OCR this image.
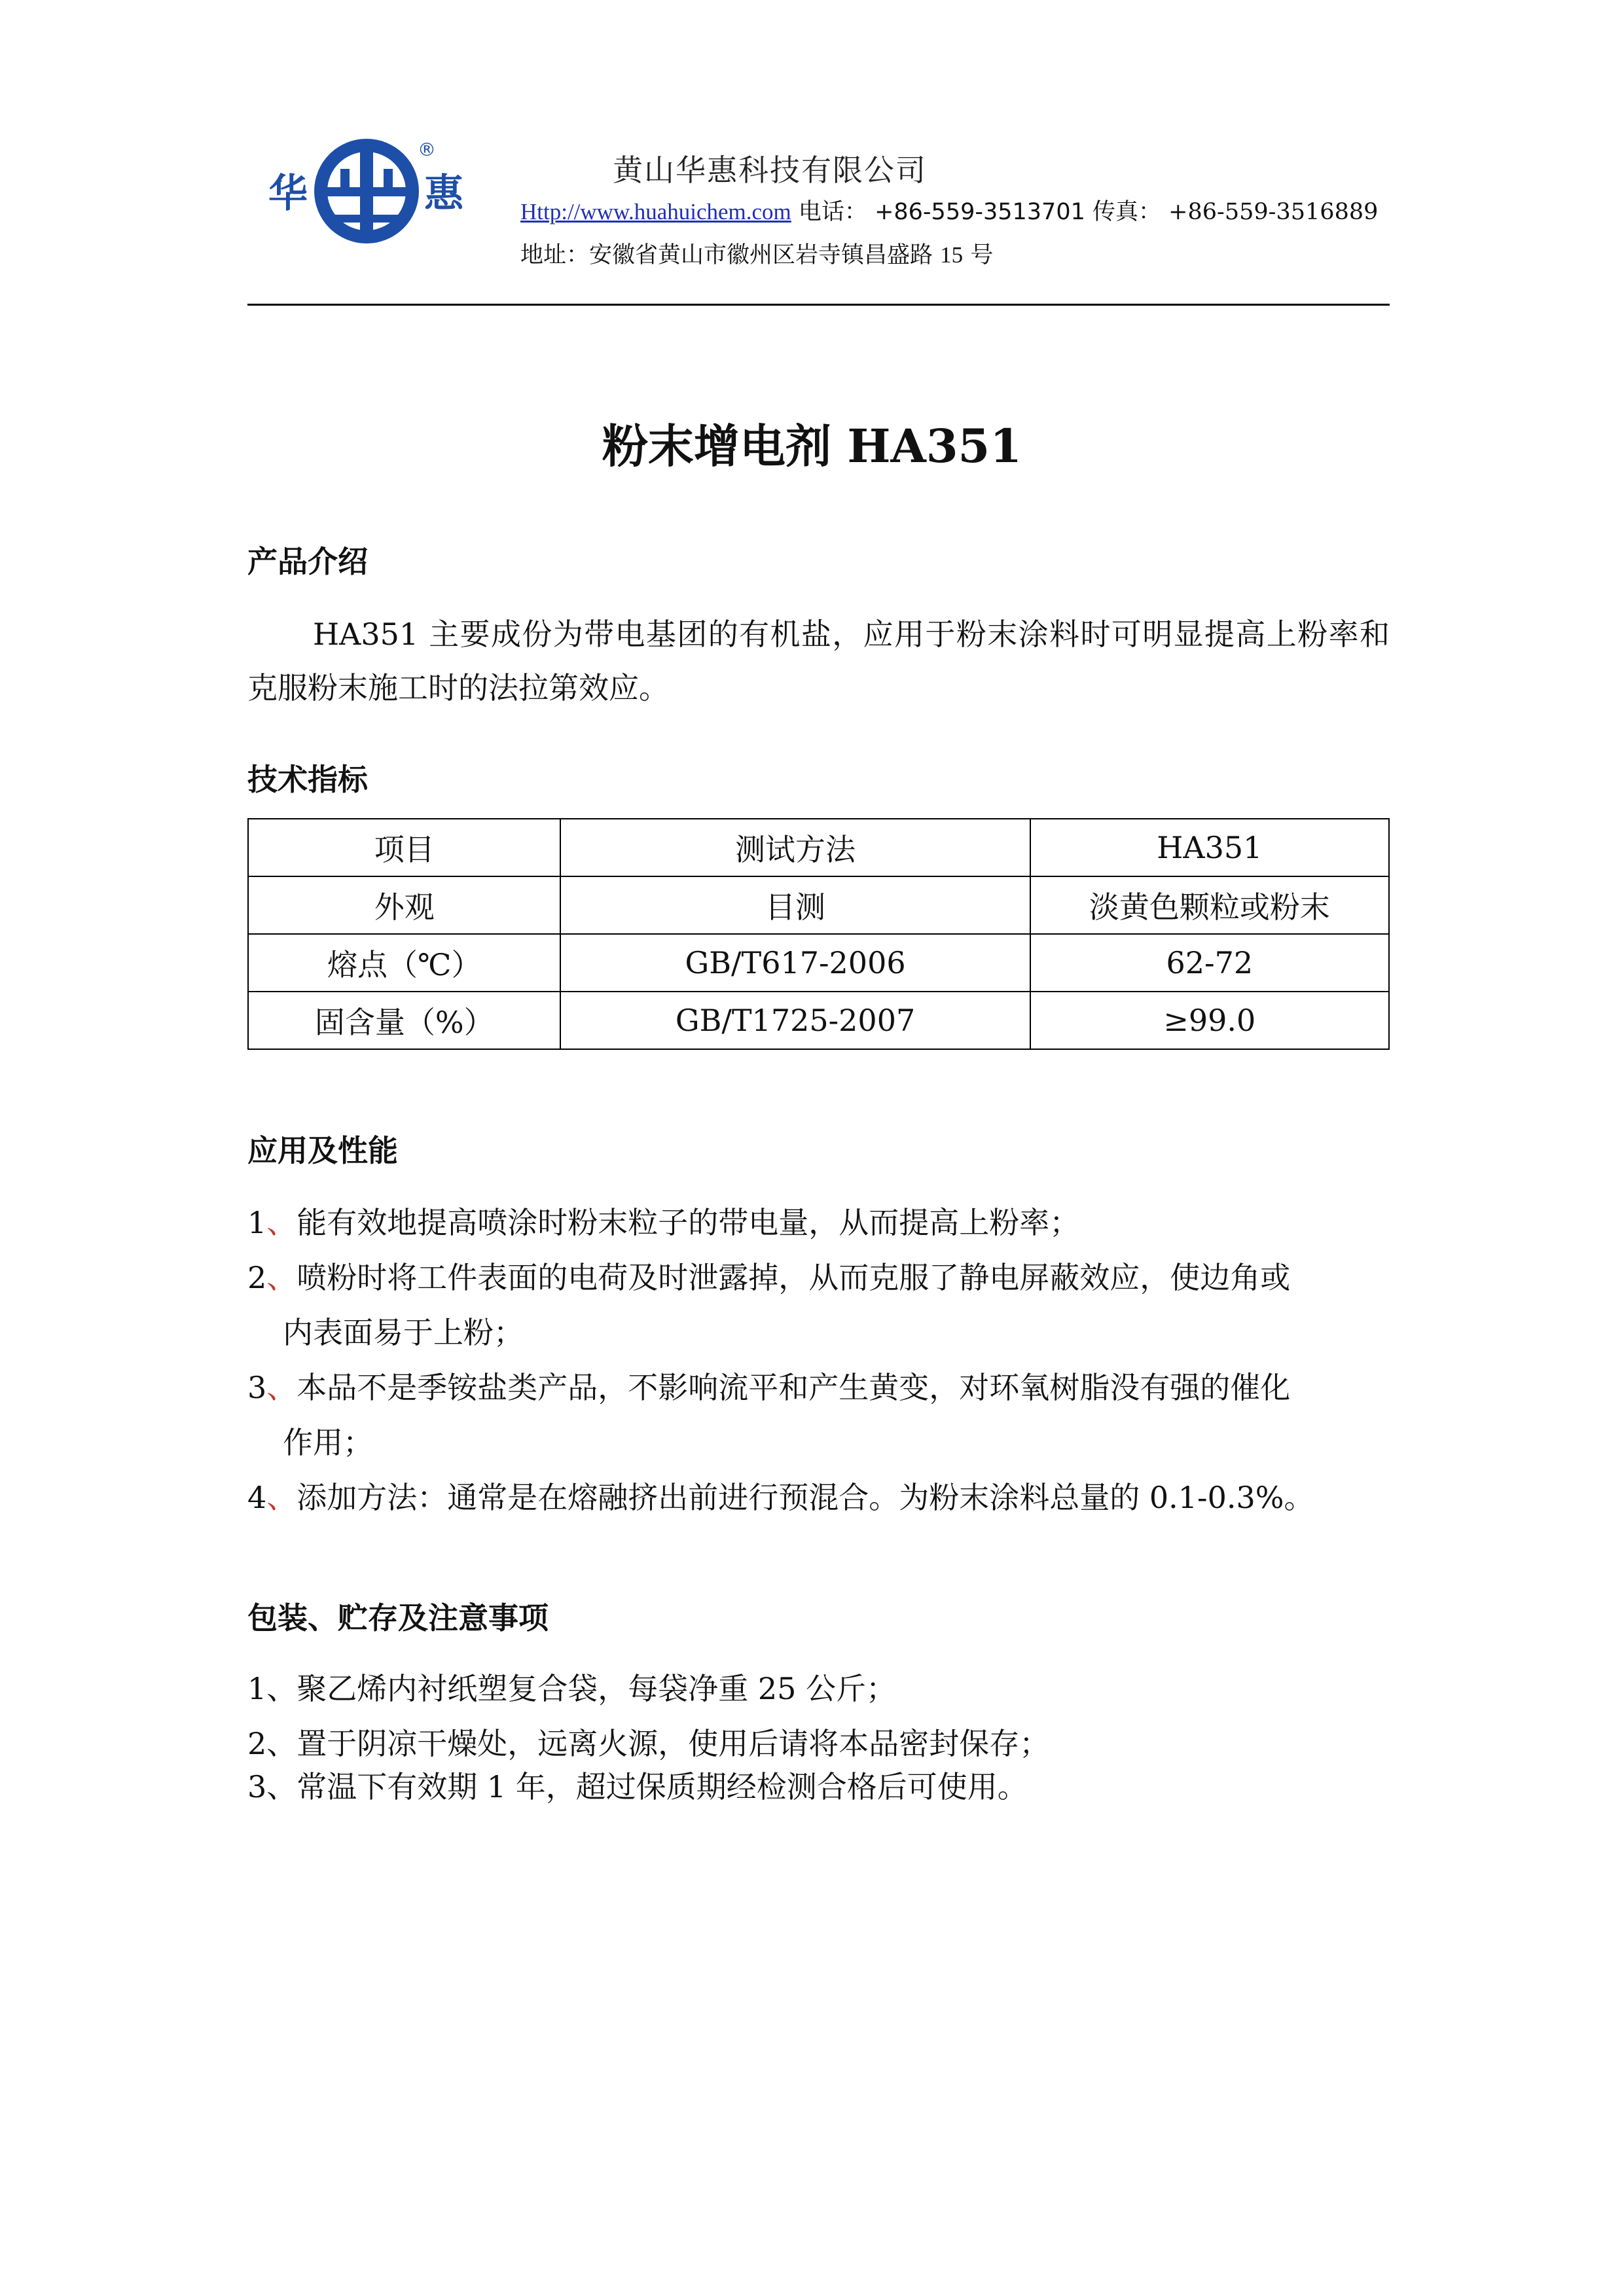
华	惠
®
黄山华惠科技有限公司
Http://www.huahuichem.com 电话： +86-559-3513701 传真： +86-559-3516889
地址：安徽省黄山市徽州区岩寺镇昌盛路 15 号
粉末增电剂 HA351
产品介绍
HA351 主要成份为带电基团的有机盐，应用于粉末涂料时可明显提高上粉率和克服粉末施工时的法拉第效应。
技术指标
项目	测试方法	HA351
外观	目测	淡黄色颗粒或粉末
熔点（℃）	GB/T617-2006	62-72
固含量（%）	GB/T1725-2007	≥99.0
应用及性能
1、能有效地提高喷涂时粉末粒子的带电量，从而提高上粉率；
2、喷粉时将工件表面的电荷及时泄露掉，从而克服了静电屏蔽效应，使边角或
内表面易于上粉；
3、本品不是季铵盐类产品，不影响流平和产生黄变，对环氧树脂没有强的催化
作用；
4、添加方法：通常是在熔融挤出前进行预混合。为粉末涂料总量的 0.1-0.3%。
包装、贮存及注意事项
1、聚乙烯内衬纸塑复合袋，每袋净重 25 公斤；
2、置于阴凉干燥处，远离火源，使用后请将本品密封保存；
3、常温下有效期 1 年，超过保质期经检测合格后可使用。
